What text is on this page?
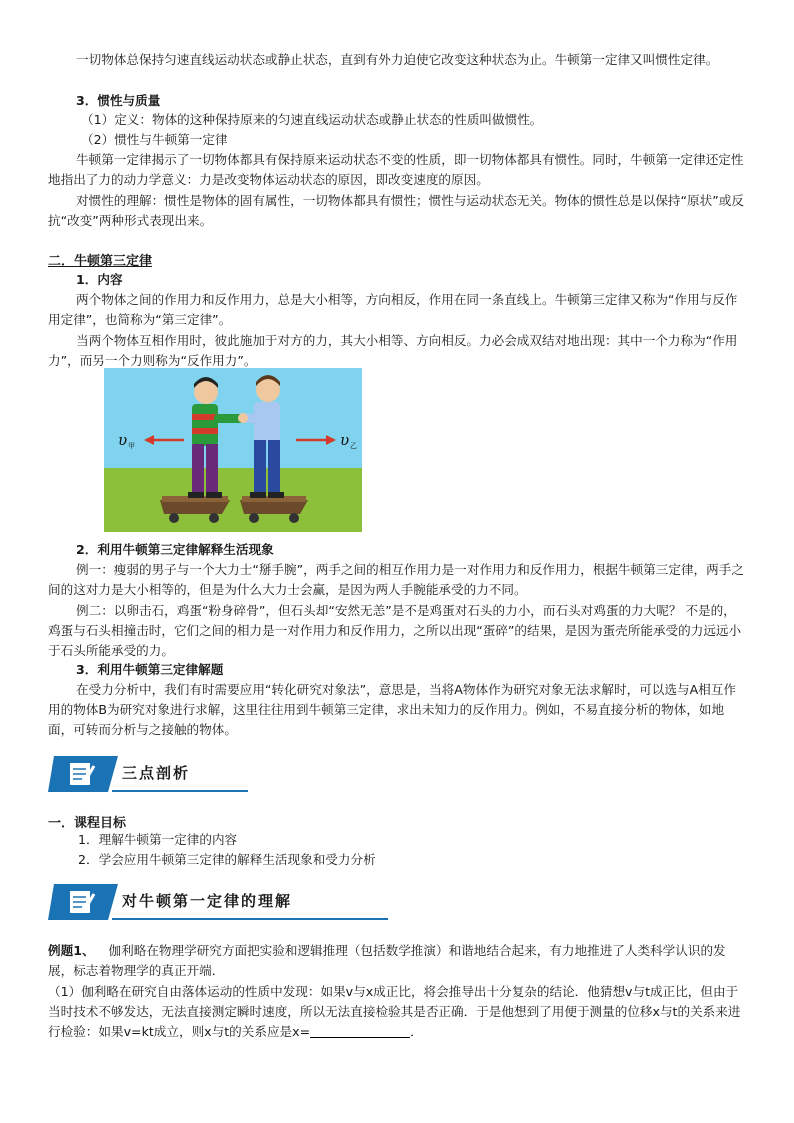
一切物体总保持匀速直线运动状态或静止状态，直到有外力迫使它改变这种状态为止。牛顿第一定律又叫惯性定律。

3．惯性与质量

（1）定义：物体的这种保持原来的匀速直线运动状态或静止状态的性质叫做惯性。

（2）惯性与牛顿第一定律

牛顿第一定律揭示了一切物体都具有保持原来运动状态不变的性质，即一切物体都具有惯性。同时，牛顿第一定律还定性地指出了力的动力学意义：力是改变物体运动状态的原因，即改变速度的原因。

对惯性的理解：惯性是物体的固有属性，一切物体都具有惯性；惯性与运动状态无关。物体的惯性总是以保持“原状”或反抗“改变”两种形式表现出来。

二．牛顿第三定律

1．内容

两个物体之间的作用力和反作用力，总是大小相等，方向相反，作用在同一条直线上。牛顿第三定律又称为“作用与反作用定律”，也简称为“第三定律”。

当两个物体互相作用时，彼此施加于对方的力，其大小相等、方向相反。力必会成双结对地出现：其中一个力称为“作用力”，而另一个力则称为“反作用力”。

υ 甲	υ 乙

2．利用牛顿第三定律解释生活现象

例一：瘦弱的男子与一个大力士“掰手腕”，两手之间的相互作用力是一对作用力和反作用力，根据牛顿第三定律，两手之间的这对力是大小相等的，但是为什么大力士会赢，是因为两人手腕能承受的力不同。

例二：以卵击石，鸡蛋“粉身碎骨”，但石头却“安然无恙”是不是鸡蛋对石头的力小，而石头对鸡蛋的力大呢？ 不是的，鸡蛋与石头相撞击时，它们之间的相力是一对作用力和反作用力，之所以出现“蛋碎”的结果，是因为蛋壳所能承受的力远远小于石头所能承受的力。

3．利用牛顿第三定律解题

在受力分析中，我们有时需要应用“转化研究对象法”，意思是，当将A物体作为研究对象无法求解时，可以选与A相互作用的物体B为研究对象进行求解，这里往往用到牛顿第三定律，求出未知力的反作用力。例如，不易直接分析的物体，如地面，可转而分析与之接触的物体。

三点剖析
一．课程目标

1．理解牛顿第一定律的内容

2．学会应用牛顿第三定律的解释生活现象和受力分析

对牛顿第一定律的理解

例题1、 伽利略在物理学研究方面把实验和逻辑推理（包括数学推演）和谐地结合起来，有力地推进了人类科学认识的发展，标志着物理学的真正开端．

（1）伽利略在研究自由落体运动的性质中发现：如果v与x成正比，将会推导出十分复杂的结论．他猜想v与t成正比，但由于当时技术不够发达，无法直接测定瞬时速度，所以无法直接检验其是否正确．于是他想到了用便于测量的位移x与t的关系来进行检验：如果v=kt成立，则x与t的关系应是x=	．
